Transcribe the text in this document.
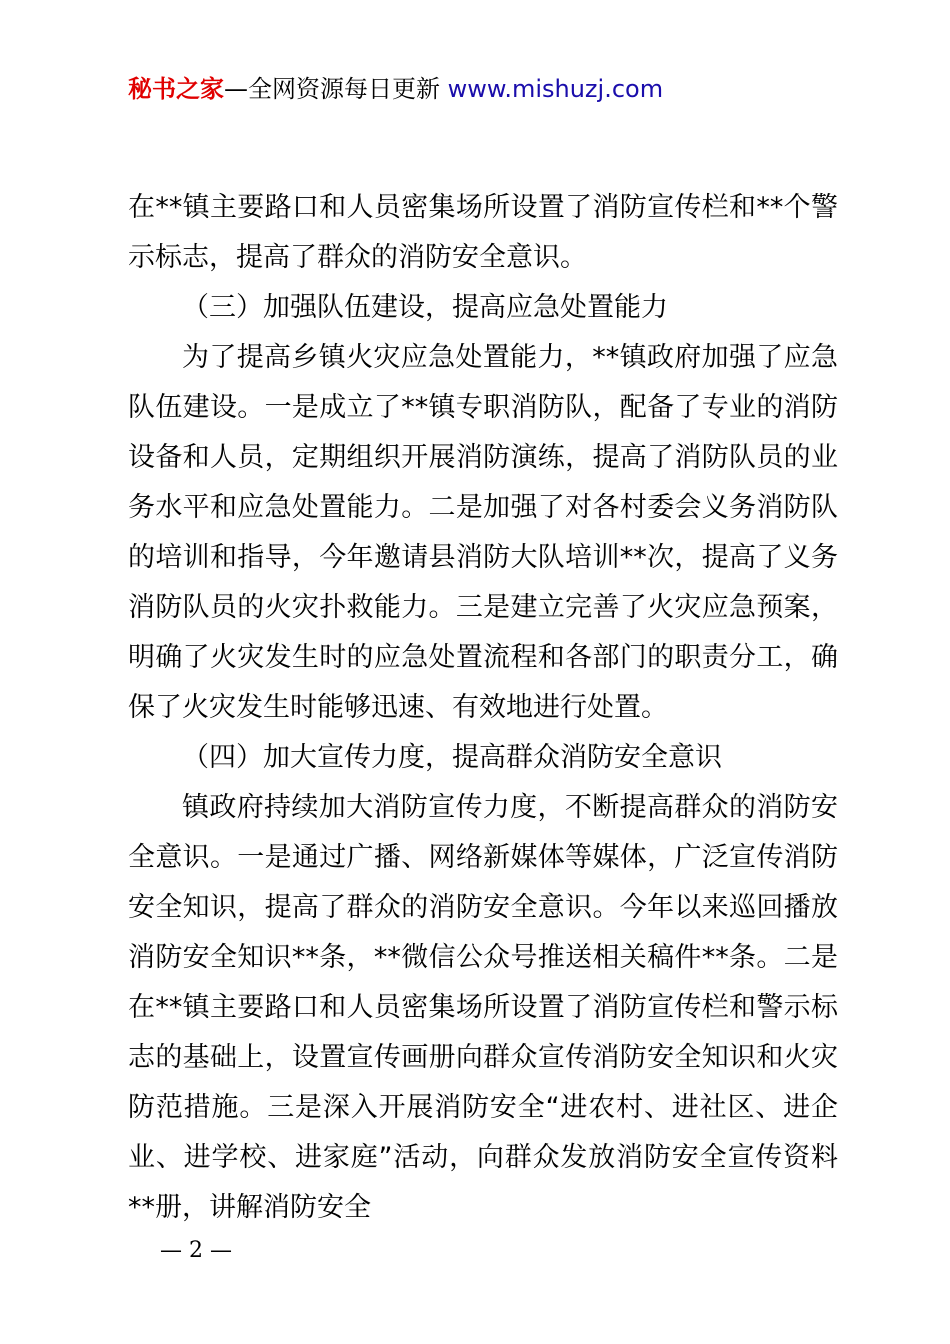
秘书之家—全网资源每日更新 www.mishuzj.com

在**镇主要路口和人员密集场所设置了消防宣传栏和**个警示标志，提高了群众的消防安全意识。

（三）加强队伍建设，提高应急处置能力

为了提高乡镇火灾应急处置能力，**镇政府加强了应急队伍建设。一是成立了**镇专职消防队，配备了专业的消防设备和人员，定期组织开展消防演练，提高了消防队员的业务水平和应急处置能力。二是加强了对各村委会义务消防队的培训和指导，今年邀请县消防大队培训**次，提高了义务消防队员的火灾扑救能力。三是建立完善了火灾应急预案，明确了火灾发生时的应急处置流程和各部门的职责分工，确保了火灾发生时能够迅速、有效地进行处置。

（四）加大宣传力度，提高群众消防安全意识

镇政府持续加大消防宣传力度，不断提高群众的消防安全意识。一是通过广播、网络新媒体等媒体，广泛宣传消防安全知识，提高了群众的消防安全意识。今年以来巡回播放消防安全知识**条，**微信公众号推送相关稿件**条。二是在**镇主要路口和人员密集场所设置了消防宣传栏和警示标志的基础上，设置宣传画册向群众宣传消防安全知识和火灾防范措施。三是深入开展消防安全“进农村、进社区、进企业、进学校、进家庭”活动，向群众发放消防安全宣传资料**册，讲解消防安全

— 2 —
